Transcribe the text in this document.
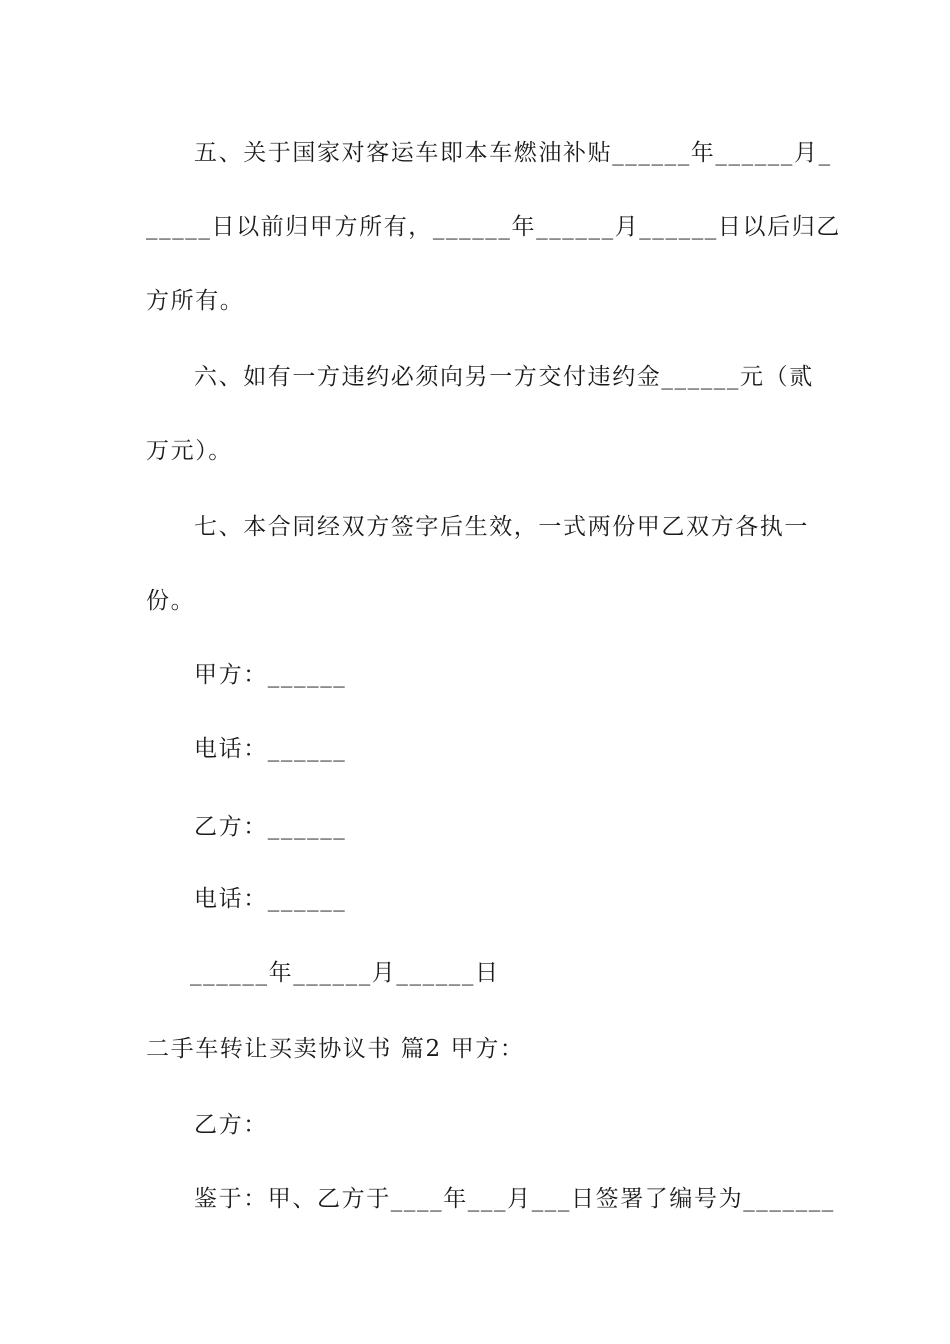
五、关于国家对客运车即本车燃油补贴______年______月_
_____日以前归甲方所有，______年______月______日以后归乙
方所有。
六、如有一方违约必须向另一方交付违约金______元（贰
万元）。
七、本合同经双方签字后生效，一式两份甲乙双方各执一
份。
甲方：______
电话：______
乙方：______
电话：______
______年______月______日
二手车转让买卖协议书 篇2 甲方：
乙方：
鉴于：甲、乙方于____年___月___日签署了编号为_______
